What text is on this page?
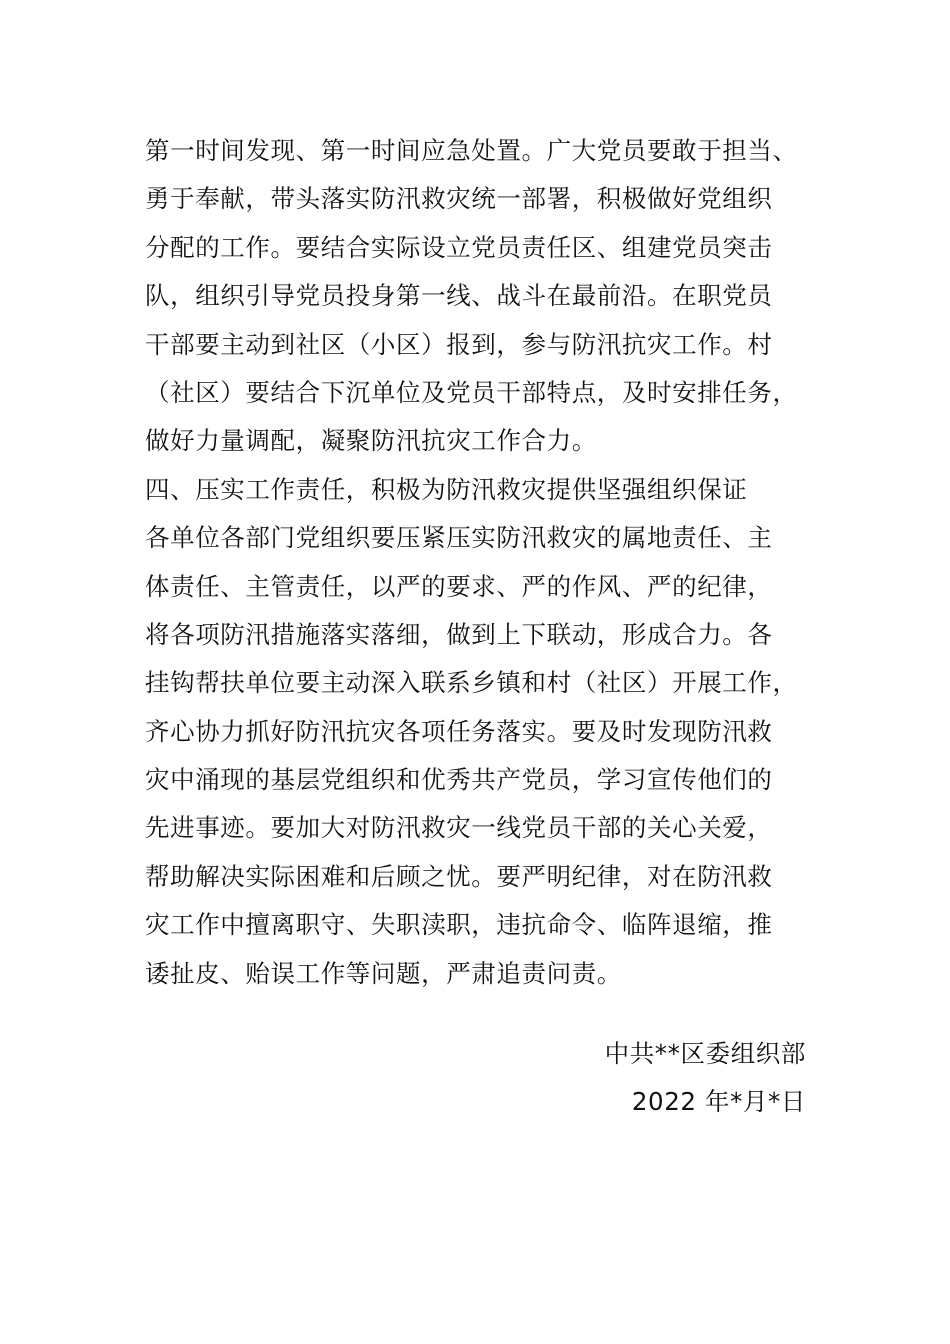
第一时间发现、第一时间应急处置。广大党员要敢于担当、
勇于奉献，带头落实防汛救灾统一部署，积极做好党组织
分配的工作。要结合实际设立党员责任区、组建党员突击
队，组织引导党员投身第一线、战斗在最前沿。在职党员
干部要主动到社区（小区）报到，参与防汛抗灾工作。村
（社区）要结合下沉单位及党员干部特点，及时安排任务，
做好力量调配，凝聚防汛抗灾工作合力。
四、压实工作责任，积极为防汛救灾提供坚强组织保证
各单位各部门党组织要压紧压实防汛救灾的属地责任、主
体责任、主管责任，以严的要求、严的作风、严的纪律，
将各项防汛措施落实落细，做到上下联动，形成合力。各
挂钩帮扶单位要主动深入联系乡镇和村（社区）开展工作，
齐心协力抓好防汛抗灾各项任务落实。要及时发现防汛救
灾中涌现的基层党组织和优秀共产党员，学习宣传他们的
先进事迹。要加大对防汛救灾一线党员干部的关心关爱，
帮助解决实际困难和后顾之忧。要严明纪律，对在防汛救
灾工作中擅离职守、失职渎职，违抗命令、临阵退缩，推
诿扯皮、贻误工作等问题，严肃追责问责。
中共**区委组织部
2022 年*月*日
